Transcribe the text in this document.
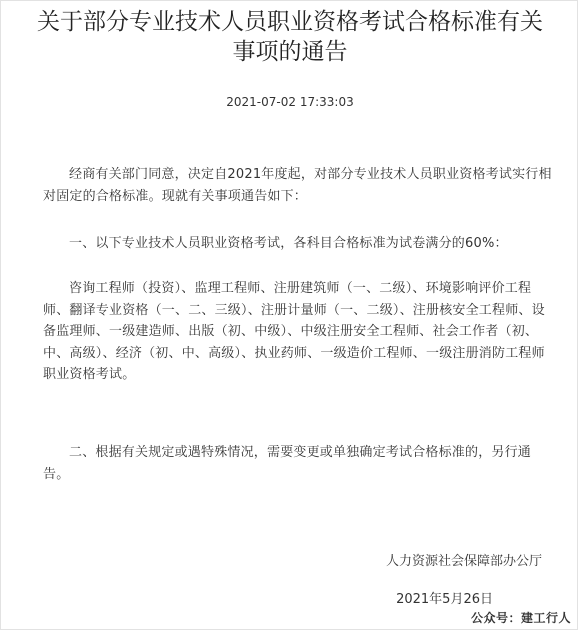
关于部分专业技术人员职业资格考试合格标准有关
事项的通告
2021-07-02 17:33:03

经商有关部门同意，决定自2021年度起，对部分专业技术人员职业资格考试实行相对固定的合格标准。现就有关事项通告如下：

一、以下专业技术人员职业资格考试，各科目合格标准为试卷满分的60%：

咨询工程师（投资）、监理工程师、注册建筑师（一、二级）、环境影响评价工程师、翻译专业资格（一、二、三级）、注册计量师（一、二级）、注册核安全工程师、设备监理师、一级建造师、出版（初、中级）、中级注册安全工程师、社会工作者（初、中、高级）、经济（初、中、高级）、执业药师、一级造价工程师、一级注册消防工程师职业资格考试。

二、根据有关规定或遇特殊情况，需要变更或单独确定考试合格标准的，另行通告。

人力资源社会保障部办公厅
2021年5月26日
公众号：建工行人
